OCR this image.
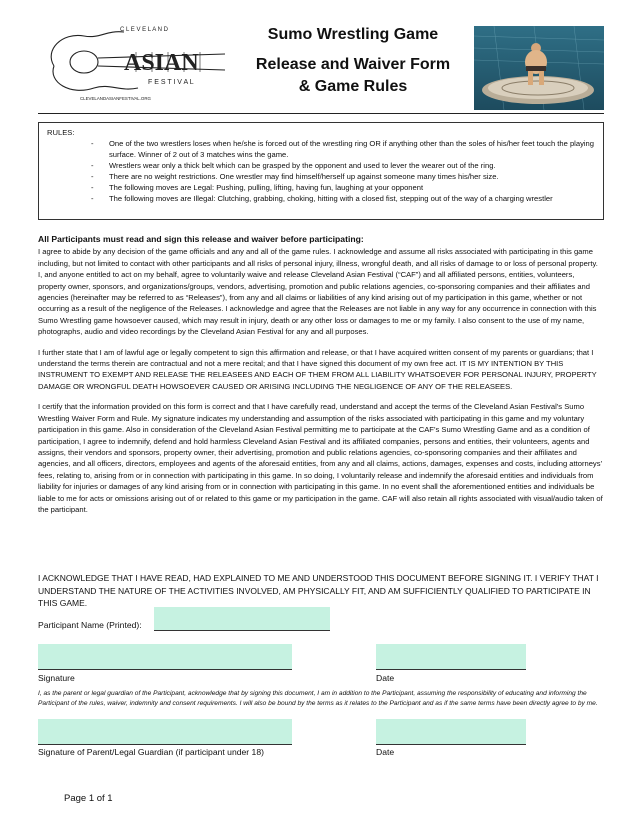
C L E V E L A N D
ASIAN
F E S T I V A L
CLEVELANDASIANFESTIVAL.ORG
Sumo Wrestling Game
Release and Waiver Form
& Game Rules
RULES:
- One of the two wrestlers loses when he/she is forced out of the wrestling ring OR if anything other than the soles of his/her feet touch the playing surface. Winner of 2 out of 3 matches wins the game.
- Wrestlers wear only a thick belt which can be grasped by the opponent and used to lever the wearer out of the ring.
- There are no weight restrictions. One wrestler may find himself/herself up against someone many times his/her size.
- The following moves are Legal: Pushing, pulling, lifting, having fun, laughing at your opponent
- The following moves are Illegal: Clutching, grabbing, choking, hitting with a closed fist, stepping out of the way of a charging wrestler
All Participants must read and sign this release and waiver before participating:

I agree to abide by any decision of the game officials and any and all of the game rules. I acknowledge and assume all risks associated with participating in this game including, but not limited to contact with other participants and all risks of personal injury, illness, wrongful death, and all risks of damage to or loss of personal property. I, and anyone entitled to act on my behalf, agree to voluntarily waive and release Cleveland Asian Festival (“CAF”) and all affiliated persons, entities, volunteers, property owner, sponsors, and organizations/groups, vendors, advertising, promotion and public relations agencies, co-sponsoring companies and their affiliates and agencies (hereinafter may be referred to as “Releases”), from any and all claims or liabilities of any kind arising out of my participation in this game, whether or not occurring as a result of the negligence of the Releases. I acknowledge and agree that the Releases are not liable in any way for any occurrence in connection with this Sumo Wrestling game howsoever caused, which may result in injury, death or any other loss or damages to me or my family. I also consent to the use of my name, photographs, audio and video recordings by the Cleveland Asian Festival for any and all purposes.

I further state that I am of lawful age or legally competent to sign this affirmation and release, or that I have acquired written consent of my parents or guardians; that I understand the terms therein are contractual and not a mere recital; and that I have signed this document of my own free act. IT IS MY INTENTION BY THIS INSTRUMENT TO EXEMPT AND RELEASE THE RELEASEES AND EACH OF THEM FROM ALL LIABILITY WHATSOEVER FOR PERSONAL INJURY, PROPERTY DAMAGE OR WRONGFUL DEATH HOWSOEVER CAUSED OR ARISING INCLUDING THE NEGLIGENCE OF ANY OF THE RELEASEES.

I certify that the information provided on this form is correct and that I have carefully read, understand and accept the terms of the Cleveland Asian Festival’s Sumo Wrestling Waiver Form and Rule. My signature indicates my understanding and assumption of the risks associated with participating in this game and my voluntary participation in this game. Also in consideration of the Cleveland Asian Festival permitting me to participate at the CAF’s Sumo Wrestling Game and as a condition of participation, I agree to indemnify, defend and hold harmless Cleveland Asian Festival and its affiliated companies, persons and entities, their volunteers, agents and assigns, their vendors and sponsors, property owner, their advertising, promotion and public relations agencies, co-sponsoring companies and their affiliates and agencies, and all officers, directors, employees and agents of the aforesaid entities, from any and all claims, actions, damages, expenses and costs, including attorneys’ fees, relating to, arising from or in connection with participating in this game. In so doing, I voluntarily release and indemnify the aforesaid entities and individuals from liability for injuries or damages of any kind arising from or in connection with participating in this game. In no event shall the aforementioned entities and individuals be liable to me for acts or omissions arising out of or related to this game or my participation in the game. CAF will also retain all rights associated with visual/audio taken of the participant.

I ACKNOWLEDGE THAT I HAVE READ, HAD EXPLAINED TO ME AND UNDERSTOOD THIS DOCUMENT BEFORE SIGNING IT. I VERIFY THAT I UNDERSTAND THE NATURE OF THE ACTIVITIES INVOLVED, AM PHYSICALLY FIT, AND AM SUFFICIENTLY QUALIFIED TO PARTICIPATE IN THIS GAME.
Participant Name (Printed):
Signature	Date
I, as the parent or legal guardian of the Participant, acknowledge that by signing this document, I am in addition to the Participant, assuming the responsibility of educating and informing the Participant of the rules, waiver, indemnity and consent requirements. I will also be bound by the terms as it relates to the Participant and as if the same terms have been directly agree to by me.
Signature of Parent/Legal Guardian (if participant under 18)	Date
Page 1 of 1
